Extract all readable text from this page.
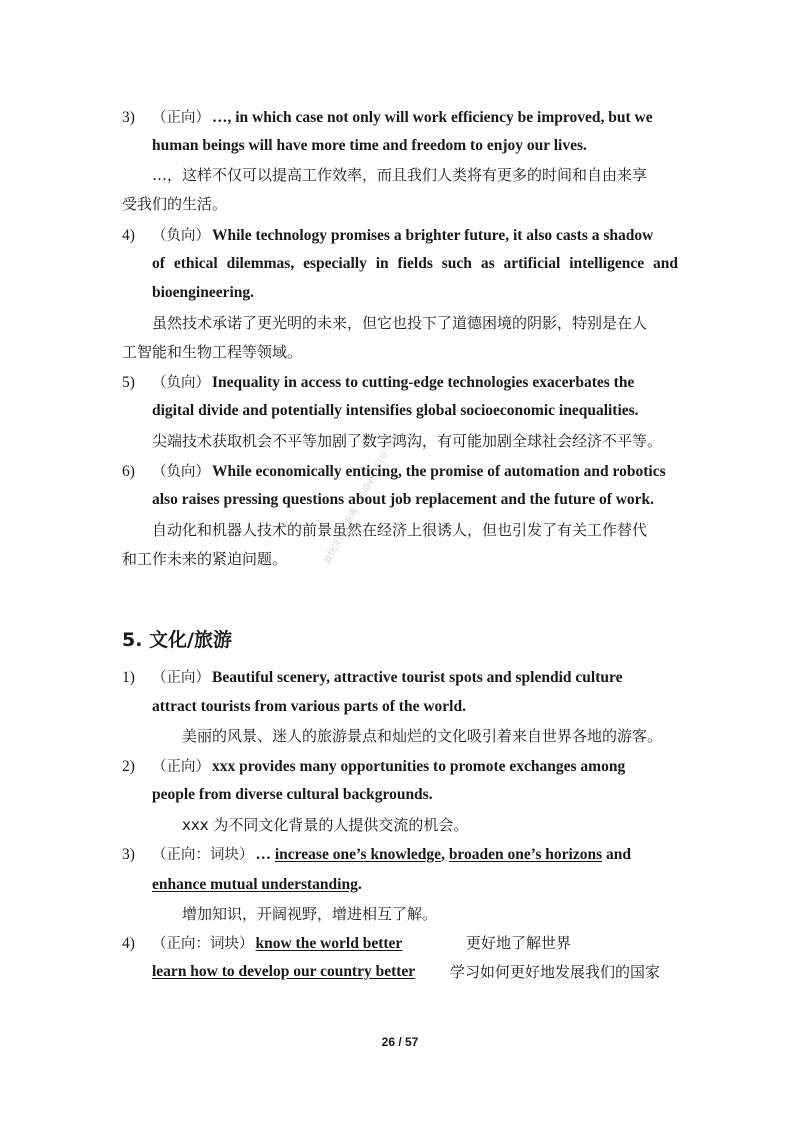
3) （正向） …, in which case not only will work efficiency be improved, but we
human beings will have more time and freedom to enjoy our lives.
…，这样不仅可以提高工作效率，而且我们人类将有更多的时间和自由来享
受我们的生活。
4) （负向） While technology promises a brighter future, it also casts a shadow
of ethical dilemmas, especially in fields such as artificial intelligence and
bioengineering.
虽然技术承诺了更光明的未来，但它也投下了道德困境的阴影，特别是在人
工智能和生物工程等领域。
5) （负向） Inequality in access to cutting-edge technologies exacerbates the
digital divide and potentially intensifies global socioeconomic inequalities.
尖端技术获取机会不平等加剧了数字鸿沟，有可能加剧全球社会经济不平等。
6) （负向） While economically enticing, the promise of automation and robotics
also raises pressing questions about job replacement and the future of work.
自动化和机器人技术的前景虽然在经济上很诱人，但也引发了有关工作替代
和工作未来的紧迫问题。
5. 文化/旅游
1) （正向） Beautiful scenery, attractive tourist spots and splendid culture
attract tourists from various parts of the world.
美丽的风景、迷人的旅游景点和灿烂的文化吸引着来自世界各地的游客。
2) （正向） xxx provides many opportunities to promote exchanges among
people from diverse cultural backgrounds.
xxx 为不同文化背景的人提供交流的机会。
3) （正向：词块） … increase one’s knowledge, broaden one’s horizons and
enhance mutual understanding.
增加知识，开阔视野，增进相互了解。
4) （正向：词块） know the world better	更好地了解世界
learn how to develop our country better 学习如何更好地发展我们的国家
最快完整更新唯一渠道vx：旺旺学长
26 / 57
